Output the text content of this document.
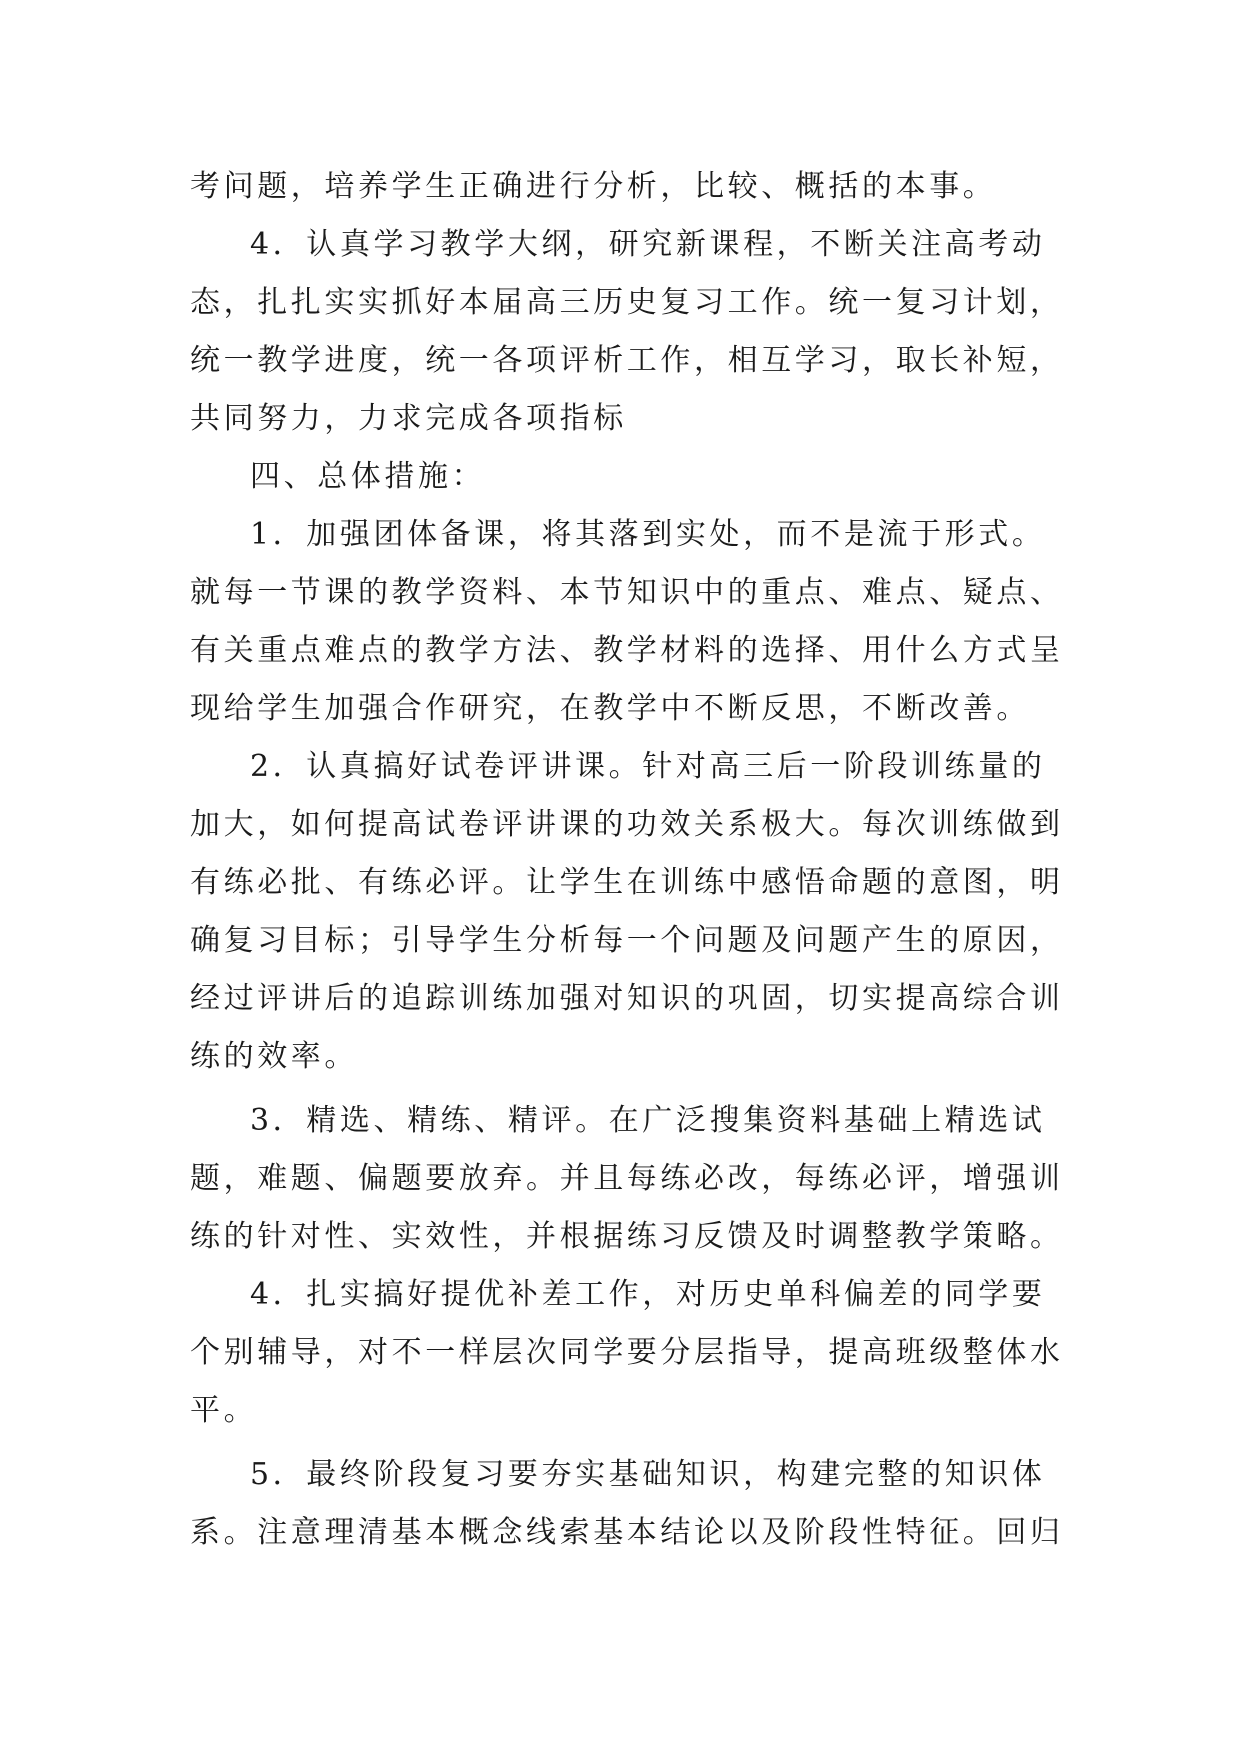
考问题，培养学生正确进行分析，比较、概括的本事。
4．认真学习教学大纲，研究新课程，不断关注高考动
态，扎扎实实抓好本届高三历史复习工作。统一复习计划，
统一教学进度，统一各项评析工作，相互学习，取长补短，
共同努力，力求完成各项指标
四、总体措施：
1．加强团体备课，将其落到实处，而不是流于形式。
就每一节课的教学资料、本节知识中的重点、难点、疑点、
有关重点难点的教学方法、教学材料的选择、用什么方式呈
现给学生加强合作研究，在教学中不断反思，不断改善。
2．认真搞好试卷评讲课。针对高三后一阶段训练量的
加大，如何提高试卷评讲课的功效关系极大。每次训练做到
有练必批、有练必评。让学生在训练中感悟命题的意图，明
确复习目标；引导学生分析每一个问题及问题产生的原因，
经过评讲后的追踪训练加强对知识的巩固，切实提高综合训
练的效率。
3．精选、精练、精评。在广泛搜集资料基础上精选试
题，难题、偏题要放弃。并且每练必改，每练必评，增强训
练的针对性、实效性，并根据练习反馈及时调整教学策略。
4．扎实搞好提优补差工作，对历史单科偏差的同学要
个别辅导，对不一样层次同学要分层指导，提高班级整体水
平。
5．最终阶段复习要夯实基础知识，构建完整的知识体
系。注意理清基本概念线索基本结论以及阶段性特征。回归
